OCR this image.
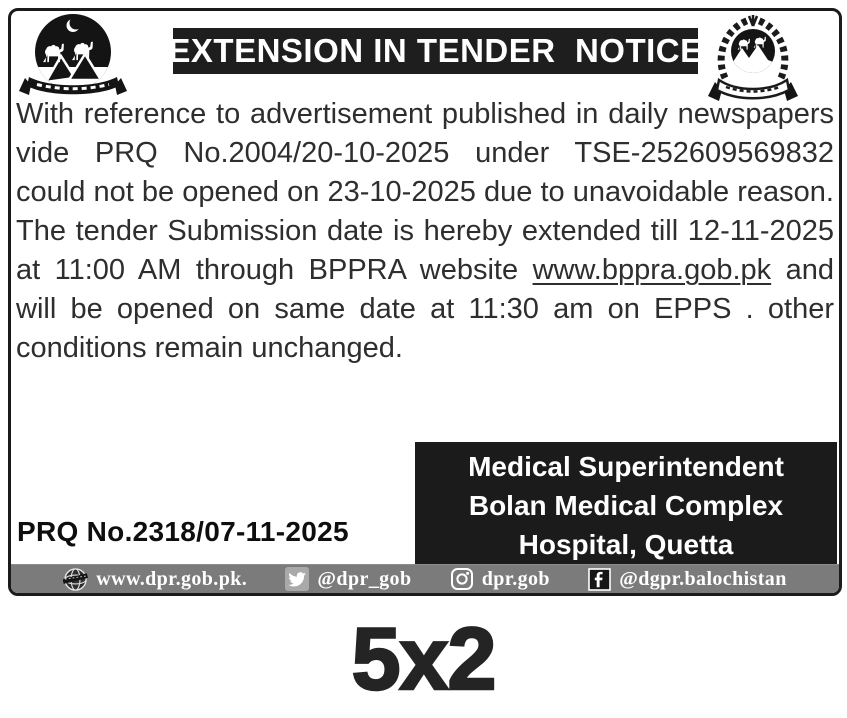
EXTENSION IN TENDER  NOTICE

With reference to advertisement published in daily newspapers vide PRQ No.2004/20-10-2025 under TSE-252609569832 could not be opened on 23-10-2025 due to unavoidable reason. The tender Submission date is hereby extended till 12-11-2025 at 11:00 AM through BPPRA website www.bppra.gob.pk and will be opened on same date at 11:30 am on EPPS . other conditions remain unchanged.

Medical Superintendent
Bolan Medical Complex
Hospital, Quetta
PRQ No.2318/07-11-2025
www.dpr.gob.pk.	@dpr_gob	dpr.gob	@dgpr.balochistan
5x2
